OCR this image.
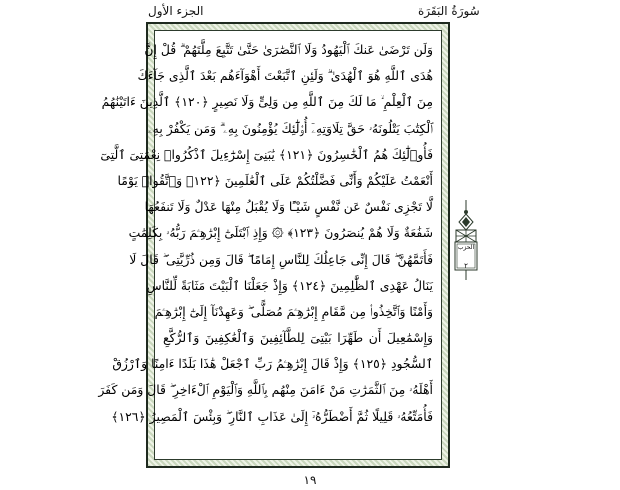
الجزء الأول	سُورَةُ البَقَرَة
وَلَن تَرْضَىٰ عَنكَ ٱلْيَهُودُ وَلَا ٱلنَّصَٰرَىٰ حَتَّىٰ تَتَّبِعَ مِلَّتَهُمْ ۗ قُلْ إِنَّ
هُدَى ٱللَّهِ هُوَ ٱلْهُدَىٰ ۗ وَلَئِنِ ٱتَّبَعْتَ أَهْوَآءَهُم بَعْدَ ٱلَّذِى جَآءَكَ
مِنَ ٱلْعِلْمِ ۙ مَا لَكَ مِنَ ٱللَّهِ مِن وَلِىٍّ وَلَا نَصِيرٍ ﴿١٢٠﴾ ٱلَّذِينَ ءَاتَيْنَٰهُمُ
ٱلْكِتَٰبَ يَتْلُونَهُۥ حَقَّ تِلَاوَتِهِۦٓ أُو۟لَٰٓئِكَ يُؤْمِنُونَ بِهِۦ ۗ وَمَن يَكْفُرْ بِهِۦ
فَأُو۟لَٰٓئِكَ هُمُ ٱلْخَٰسِرُونَ ﴿١٢١﴾ يَٰبَنِىٓ إِسْرَٰٓءِيلَ ٱذْكُرُوا۟ نِعْمَتِىَ ٱلَّتِىٓ
أَنْعَمْتُ عَلَيْكُمْ وَأَنِّى فَضَّلْتُكُمْ عَلَى ٱلْعَٰلَمِينَ ﴿١٢٢﴾ وَٱتَّقُوا۟ يَوْمًا
لَّا تَجْزِى نَفْسٌ عَن نَّفْسٍ شَيْـًٔا وَلَا يُقْبَلُ مِنْهَا عَدْلٌ وَلَا تَنفَعُهَا
شَفَٰعَةٌ وَلَا هُمْ يُنصَرُونَ ﴿١٢٣﴾ ۞ وَإِذِ ٱبْتَلَىٰٓ إِبْرَٰهِـۧمَ رَبُّهُۥ بِكَلِمَٰتٍ
فَأَتَمَّهُنَّ ۖ قَالَ إِنِّى جَاعِلُكَ لِلنَّاسِ إِمَامًا ۖ قَالَ وَمِن ذُرِّيَّتِى ۖ قَالَ لَا
يَنَالُ عَهْدِى ٱلظَّٰلِمِينَ ﴿١٢٤﴾ وَإِذْ جَعَلْنَا ٱلْبَيْتَ مَثَابَةً لِّلنَّاسِ
وَأَمْنًا وَٱتَّخِذُوا۟ مِن مَّقَامِ إِبْرَٰهِـۧمَ مُصَلًّى ۖ وَعَهِدْنَآ إِلَىٰٓ إِبْرَٰهِـۧمَ
وَإِسْمَٰعِيلَ أَن طَهِّرَا بَيْتِىَ لِلطَّآئِفِينَ وَٱلْعَٰكِفِينَ وَٱلرُّكَّعِ
ٱلسُّجُودِ ﴿١٢٥﴾ وَإِذْ قَالَ إِبْرَٰهِـۧمُ رَبِّ ٱجْعَلْ هَٰذَا بَلَدًا ءَامِنًا وَٱرْزُقْ
أَهْلَهُۥ مِنَ ٱلثَّمَرَٰتِ مَنْ ءَامَنَ مِنْهُم بِٱللَّهِ وَٱلْيَوْمِ ٱلْءَاخِرِ ۖ قَالَ وَمَن كَفَرَ
فَأُمَتِّعُهُۥ قَلِيلًا ثُمَّ أَضْطَرُّهُۥٓ إِلَىٰ عَذَابِ ٱلنَّارِ ۖ وَبِئْسَ ٱلْمَصِيرُ ﴿١٢٦﴾
الحزب
٢
١٩
